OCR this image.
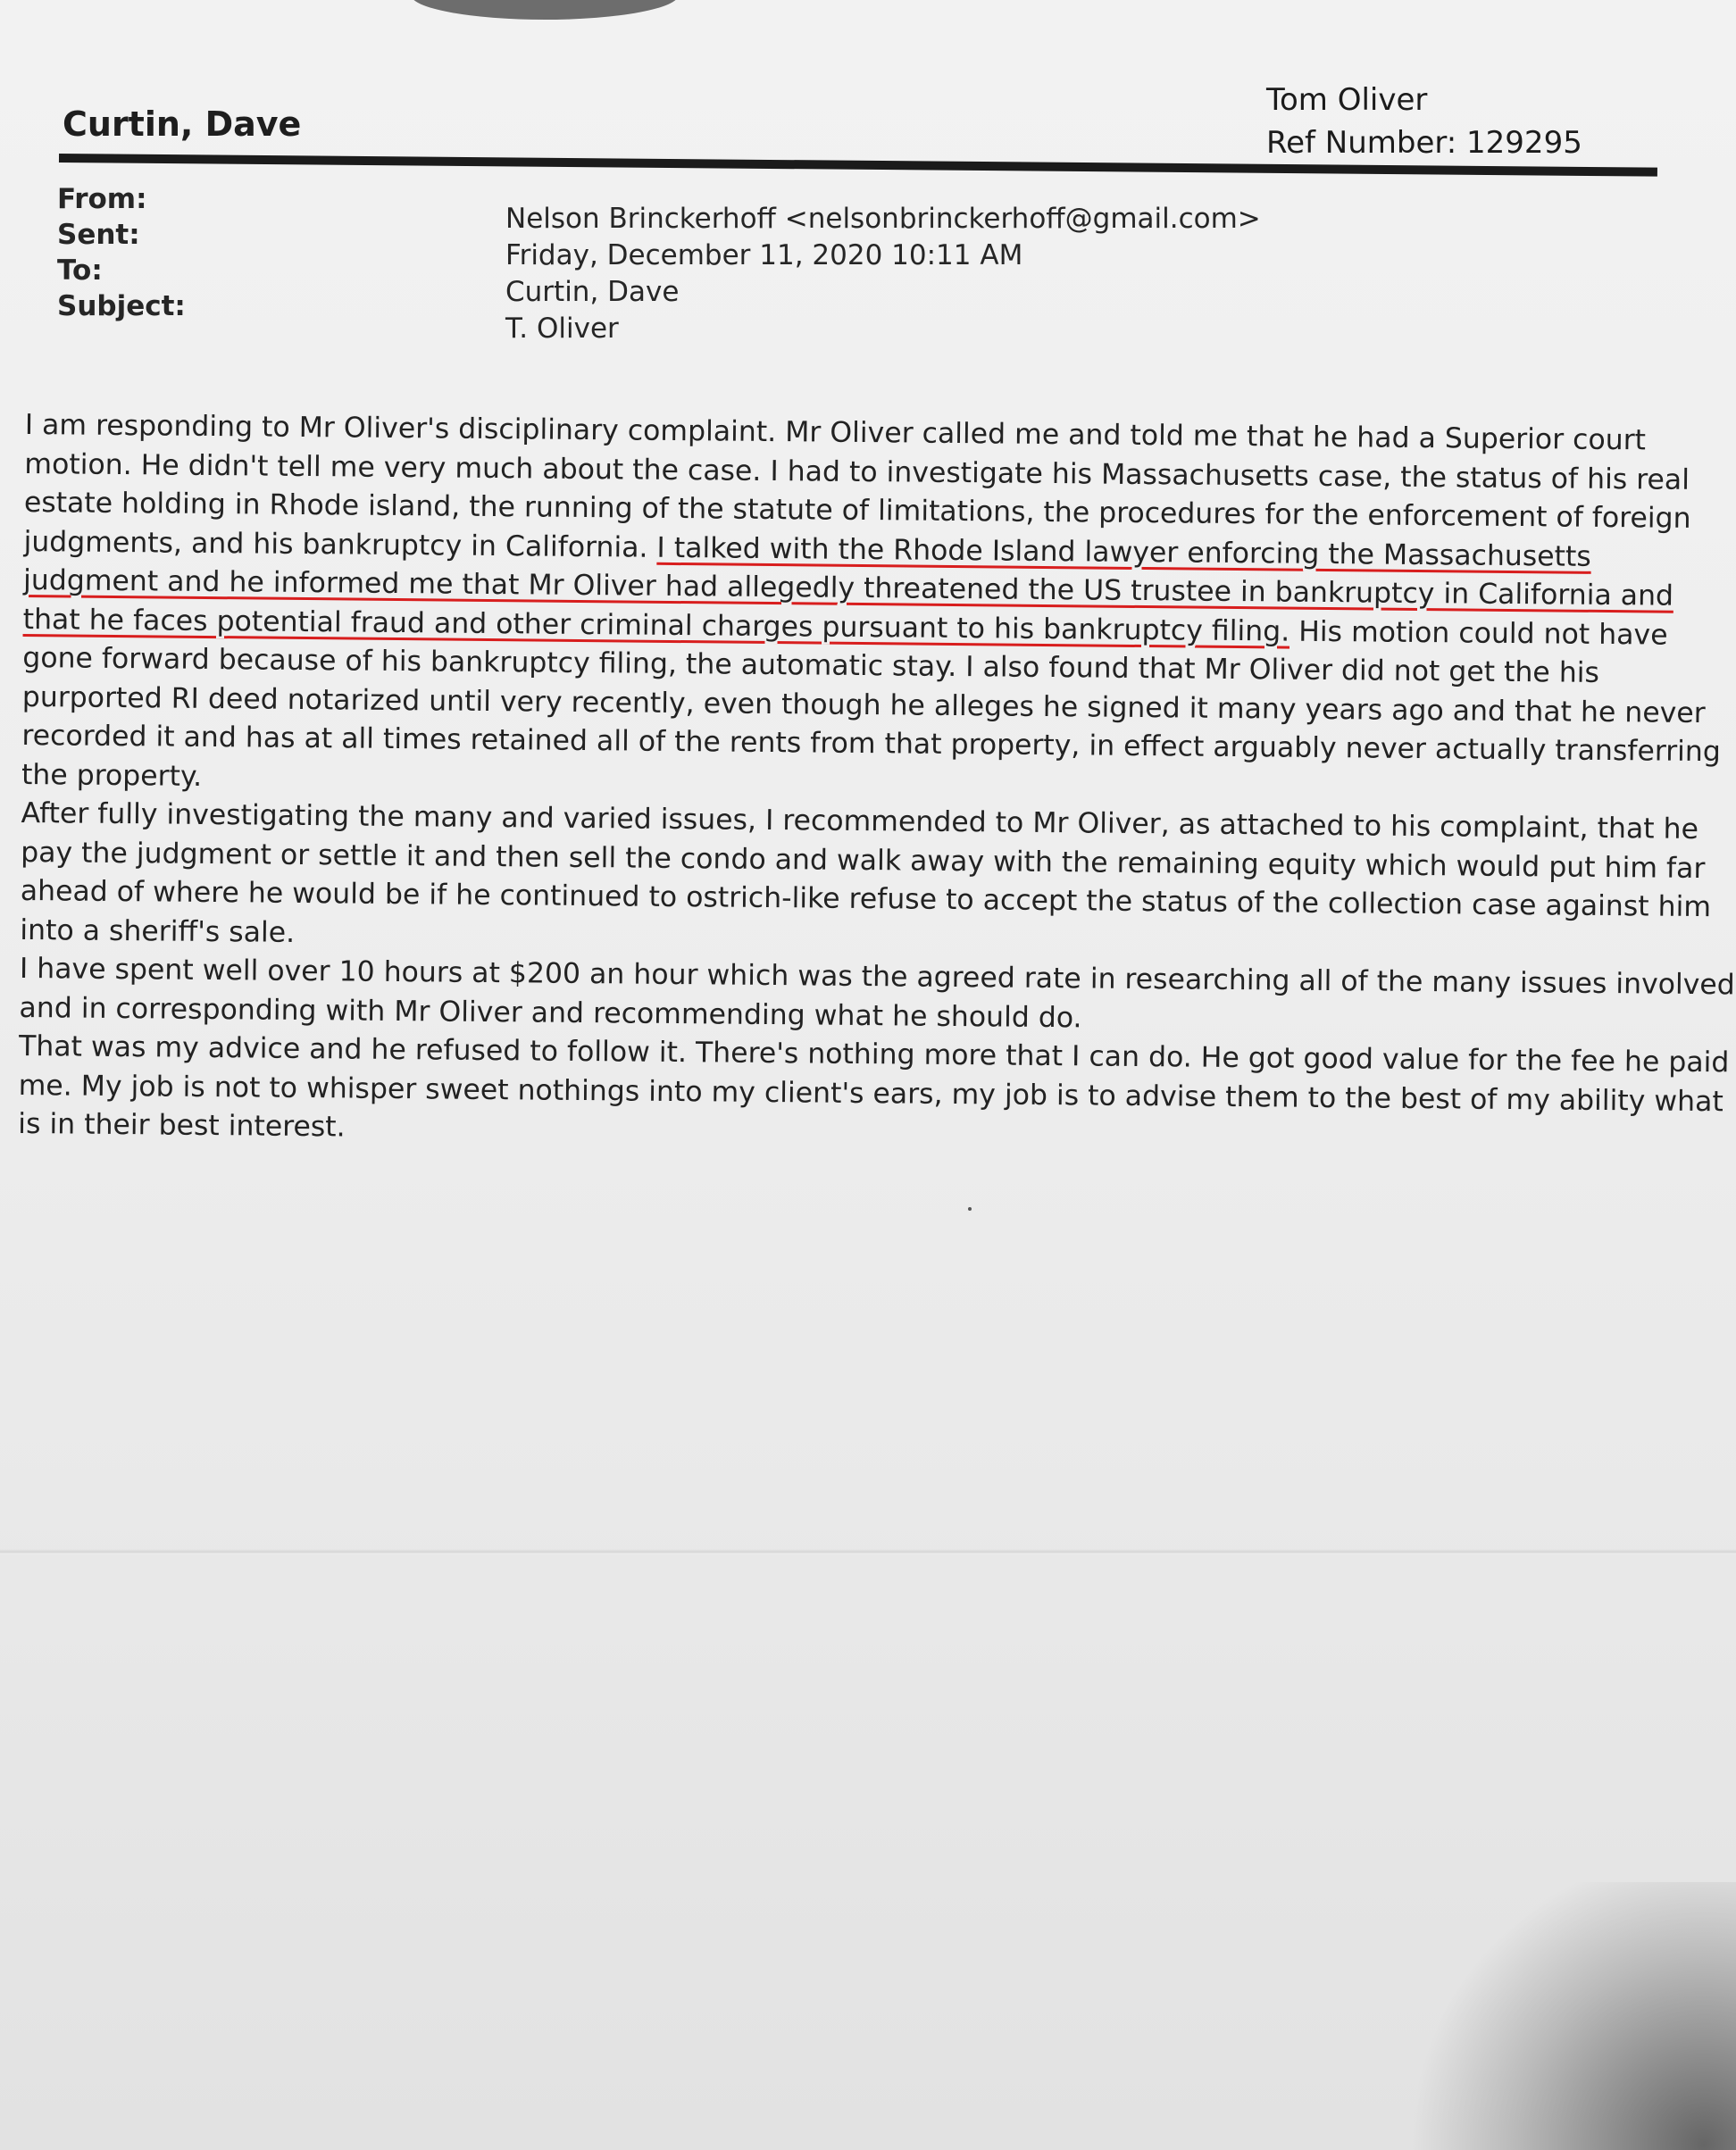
Tom Oliver
Ref Number: 129295
Curtin, Dave
From:
Sent:
To:
Subject:
Nelson Brinckerhoff <nelsonbrinckerhoff@gmail.com>
Friday, December 11, 2020 10:11 AM
Curtin, Dave
T. Oliver

I am responding to Mr Oliver's disciplinary complaint. Mr Oliver called me and told me that he had a Superior court

motion. He didn't tell me very much about the case. I had to investigate his Massachusetts case, the status of his real

estate holding in Rhode island, the running of the statute of limitations, the procedures for the enforcement of foreign

judgments, and his bankruptcy in California. I talked with the Rhode Island lawyer enforcing the Massachusetts

judgment and he informed me that Mr Oliver had allegedly threatened the US trustee in bankruptcy in California and

that he faces potential fraud and other criminal charges pursuant to his bankruptcy filing. His motion could not have

gone forward because of his bankruptcy filing, the automatic stay. I also found that Mr Oliver did not get the his

purported RI deed notarized until very recently, even though he alleges he signed it many years ago and that he never

recorded it and has at all times retained all of the rents from that property, in effect arguably never actually transferring

the property.

After fully investigating the many and varied issues, I recommended to Mr Oliver, as attached to his complaint, that he

pay the judgment or settle it and then sell the condo and walk away with the remaining equity which would put him far

ahead of where he would be if he continued to ostrich-like refuse to accept the status of the collection case against him

into a sheriff's sale.

I have spent well over 10 hours at $200 an hour which was the agreed rate in researching all of the many issues involved

and in corresponding with Mr Oliver and recommending what he should do.

That was my advice and he refused to follow it. There's nothing more that I can do. He got good value for the fee he paid

me. My job is not to whisper sweet nothings into my client's ears, my job is to advise them to the best of my ability what

is in their best interest.
